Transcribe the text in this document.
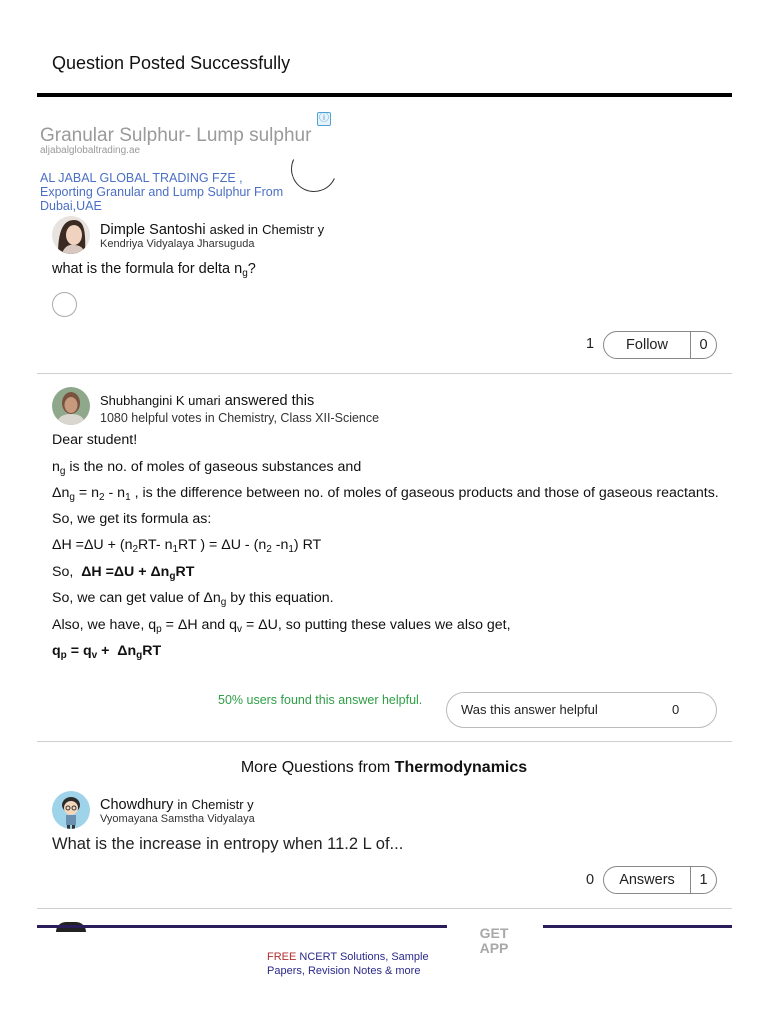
Question Posted Successfully
Granular Sulphur- Lump sulphur
aljabalglobaltrading.ae
AL JABAL GLOBAL TRADING FZE , Exporting Granular and Lump Sulphur From Dubai,UAE
ⓘ
Dimple Santoshi asked in Chemistr y
Kendriya Vidyalaya Jharsuguda
what is the formula for delta $n_g$?
1	Follow	0
Shubhangini K umari answered this
1080 helpful votes in Chemistry, Class XII-Science

Dear student!

$n_g$ is the no. of moles of gaseous substances and

$\Delta n_g = n_2 - n_1$ , is the difference between no. of moles of gaseous products and those of gaseous reactants.

So, we get its formula as:

$\Delta H =\Delta U + (n_2RT-$ $n_1RT$ ) = ΔU - ($n_2$ $-n_1$) RT

So,  $\Delta H =\Delta U + \Delta n_gRT$

So, we can get value of $\Delta n_g$ by this equation.

Also, we have, $q_p = \Delta H$ and $q_v = \Delta U$, so putting these values we also get,

$q_p = q_v + \Delta n_gRT$

50% users found this answer helpful.
Was this answer helpful	0
More Questions from Thermodynamics
Chowdhury in Chemistr y
Vyomayana Samstha Vidyalaya
What is the increase in entropy when 11.2 L of...
0	Answers	1
GET APP
FREE NCERT Solutions, Sample Papers, Revision Notes & more
